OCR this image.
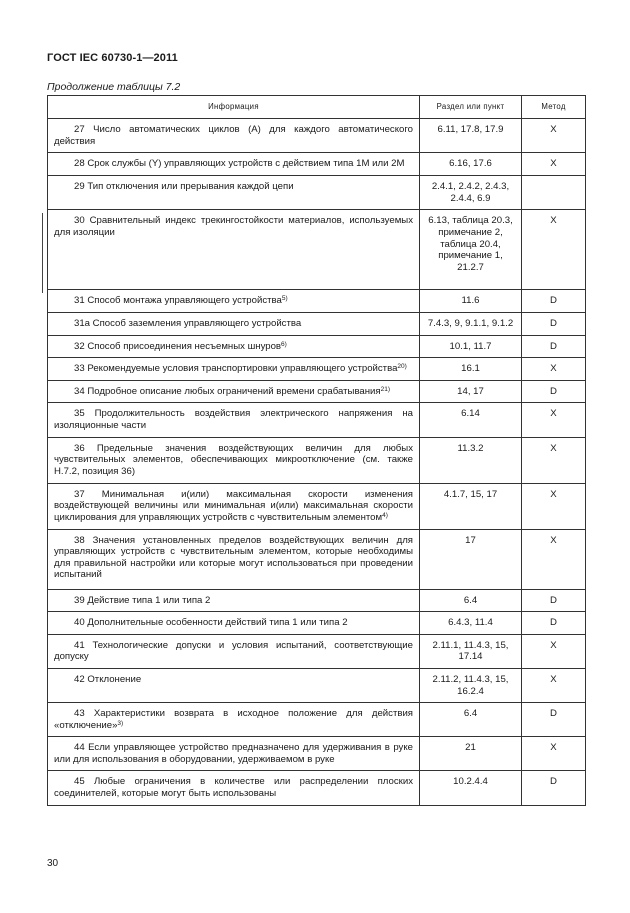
ГОСТ IEC 60730-1—2011
Продолжение таблицы 7.2
Информация	Раздел или пункт	Метод

27 Число автоматических циклов (А) для каждого автоматического действия	6.11, 17.8, 17.9	X

28 Срок службы (Y) управляющих устройств с действием типа 1M или 2M	6.16, 17.6	X

29 Тип отключения или прерывания каждой цепи	2.4.1, 2.4.2, 2.4.3, 2.4.4, 6.9	

30 Сравнительный индекс трекингостойкости материалов, используемых для изоляции	6.13, таблица 20.3, примечание 2, таблица 20.4, примечание 1, 21.2.7	X

31 Способ монтажа управляющего устройства$^{5)}$	11.6	D

31а Способ заземления управляющего устройства	7.4.3, 9, 9.1.1, 9.1.2	D

32 Способ присоединения несъемных шнуров$^{6)}$	10.1, 11.7	D

33 Рекомендуемые условия транспортировки управляющего устройства$^{20)}$	16.1	X

34 Подробное описание любых ограничений времени срабатывания$^{21)}$	14, 17	D

35 Продолжительность воздействия электрического напряжения на изоляционные части	6.14	X

36 Предельные значения воздействующих величин для любых чувствительных элементов, обеспечивающих микроотключение (см. также Н.7.2, позиция 36)	11.3.2	X

37 Минимальная и(или) максимальная скорости изменения воздействующей величины или минимальная и(или) максимальная скорости циклирования для управляющих устройств с чувствительным элементом$^{4)}$	4.1.7, 15, 17	X

38 Значения установленных пределов воздействующих величин для управляющих устройств с чувствительным элементом, которые необходимы для правильной настройки или которые могут использоваться при проведении испытаний	17	X

39 Действие типа 1 или типа 2	6.4	D

40 Дополнительные особенности действий типа 1 или типа 2	6.4.3, 11.4	D

41 Технологические допуски и условия испытаний, соответствующие допуску	2.11.1, 11.4.3, 15, 17.14	X

42 Отклонение	2.11.2, 11.4.3, 15, 16.2.4	X

43 Характеристики возврата в исходное положение для действия «отключение»$^{3)}$	6.4	D

44 Если управляющее устройство предназначено для удерживания в руке или для использования в оборудовании, удерживаемом в руке	21	X

45 Любые ограничения в количестве или распределении плоских соединителей, которые могут быть использованы	10.2.4.4	D
30
